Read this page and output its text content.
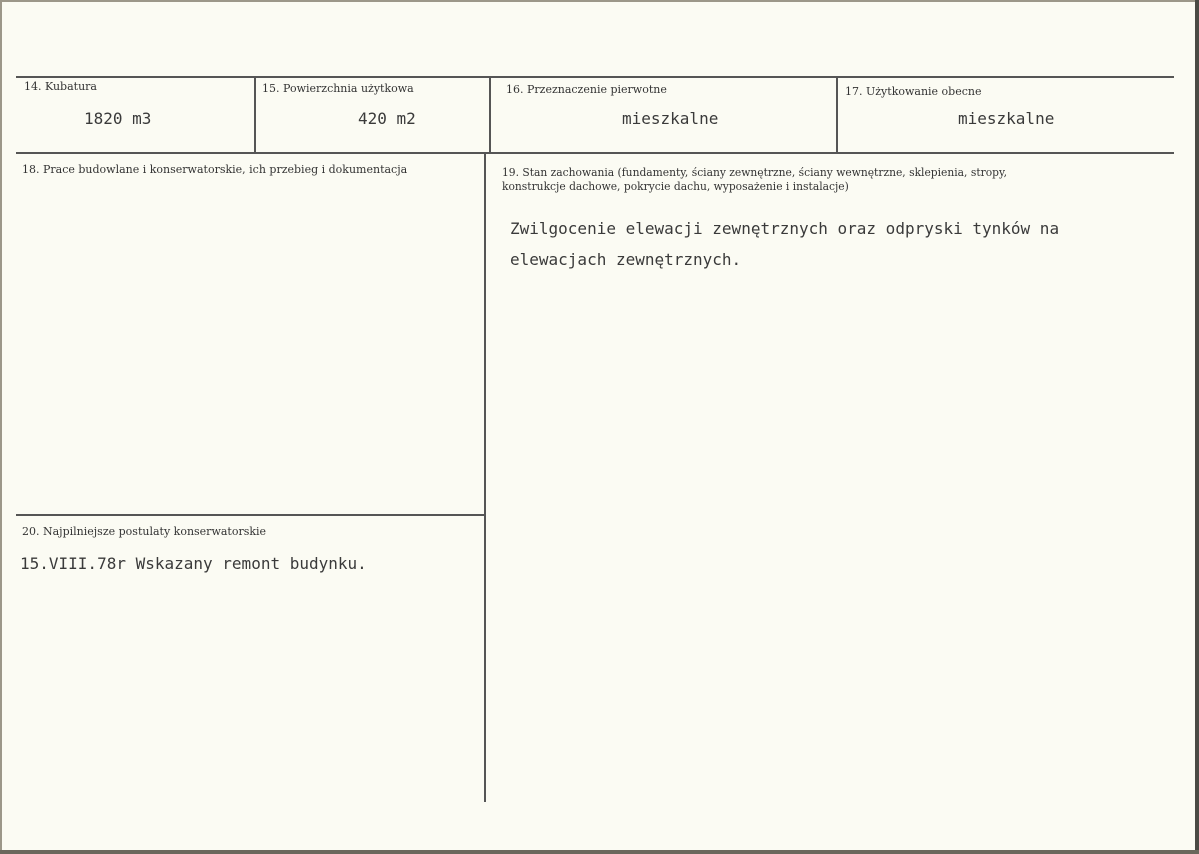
14. Kubatura
1820 m3
15. Powierzchnia użytkowa
420 m2
16. Przeznaczenie pierwotne
mieszkalne
17. Użytkowanie obecne
mieszkalne
18. Prace budowlane i konserwatorskie, ich przebieg i dokumentacja	19. Stan zachowania (fundamenty, ściany zewnętrzne, ściany wewnętrzne, sklepienia, stropy,
konstrukcje dachowe, pokrycie dachu, wyposażenie i instalacje)
Zwilgocenie elewacji zewnętrznych oraz odpryski tynków na
elewacjach zewnętrznych.
20. Najpilniejsze postulaty konserwatorskie
15.VIII.78r Wskazany remont budynku.
